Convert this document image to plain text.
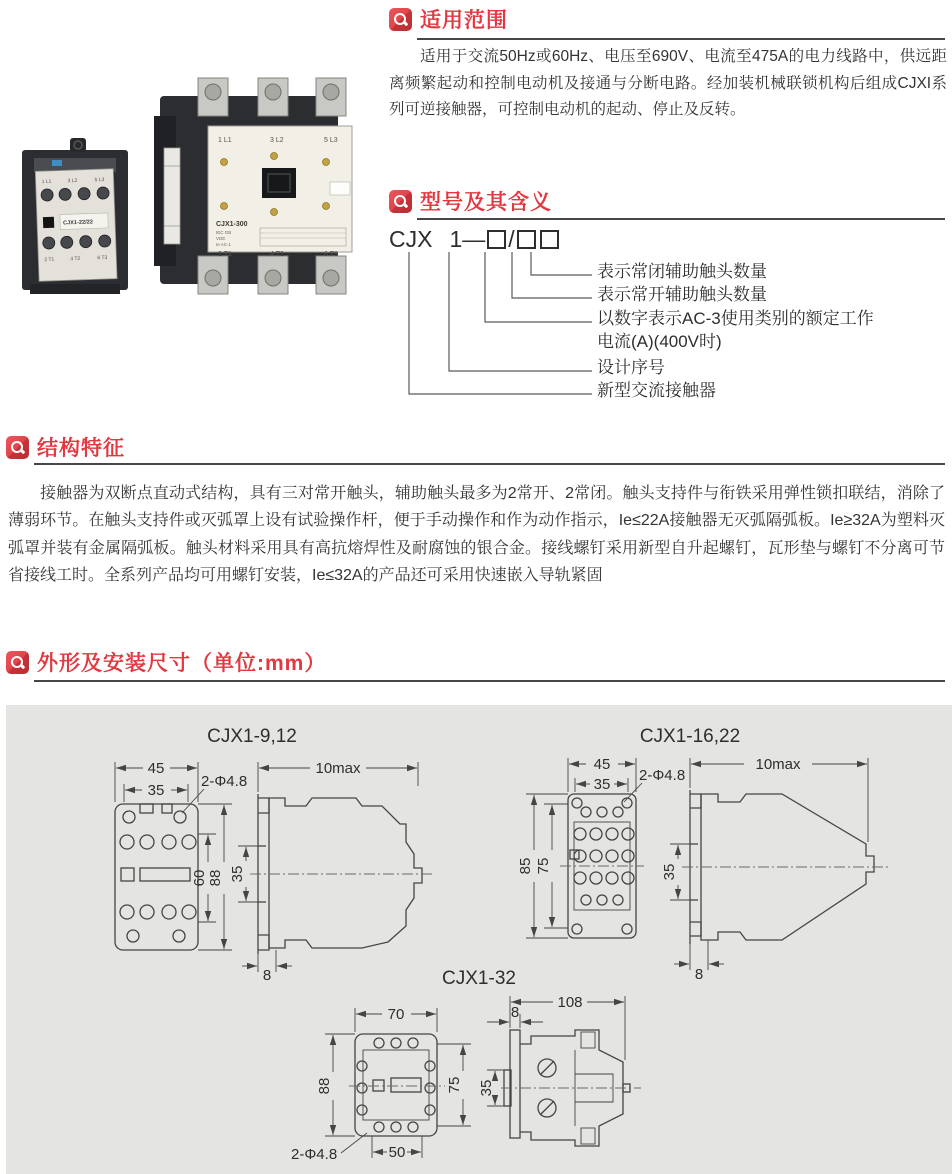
1 L1	3 L2	5 L3
CJX1-300
IEC GB
VDE
Ie AC-1
2 T1	4 T2	6 T3
1 L1	3 L2	5 L3
CJX1-22/22
2 T1	4 T2	6 T3
适用范围
适用于交流50Hz或60Hz、电压至690V、电流至475A的电力线路中，供远距离频繁起动和控制电动机及接通与分断电路。经加装机械联锁机构后组成CJXI系列可逆接触器，可控制电动机的起动、停止及反转。
型号及其含义
CJX 1 — /
表示常闭辅助触头数量
表示常开辅助触头数量
以数字表示AC-3使用类别的额定工作
电流(A)(400V时)
设计序号
新型交流接触器
结构特征
接触器为双断点直动式结构，具有三对常开触头，辅助触头最多为2常开、2常闭。触头支持件与衔铁采用弹性锁扣联结，消除了薄弱环节。在触头支持件或灭弧罩上设有试验操作杆，便于手动操作和作为动作指示，Ie≤22A接触器无灭弧隔弧板。Ie≥32A为塑料灭弧罩并装有金属隔弧板。触头材料采用具有高抗熔焊性及耐腐蚀的银合金。接线螺钉采用新型自升起螺钉，瓦形垫与螺钉不分离可节省接线工时。全系列产品均可用螺钉安装，Ie≤32A的产品还可采用快速嵌入导轨紧固
外形及安装尺寸（单位:mm）
CJX1-9,12
45
35
2-Φ4.8
60 88
10max
35
8
CJX1-16,22
45
35
2-Φ4.8
85 75
10max
35
8
CJX1-32
70
88	75
50
2-Φ4.8
108
8
35
